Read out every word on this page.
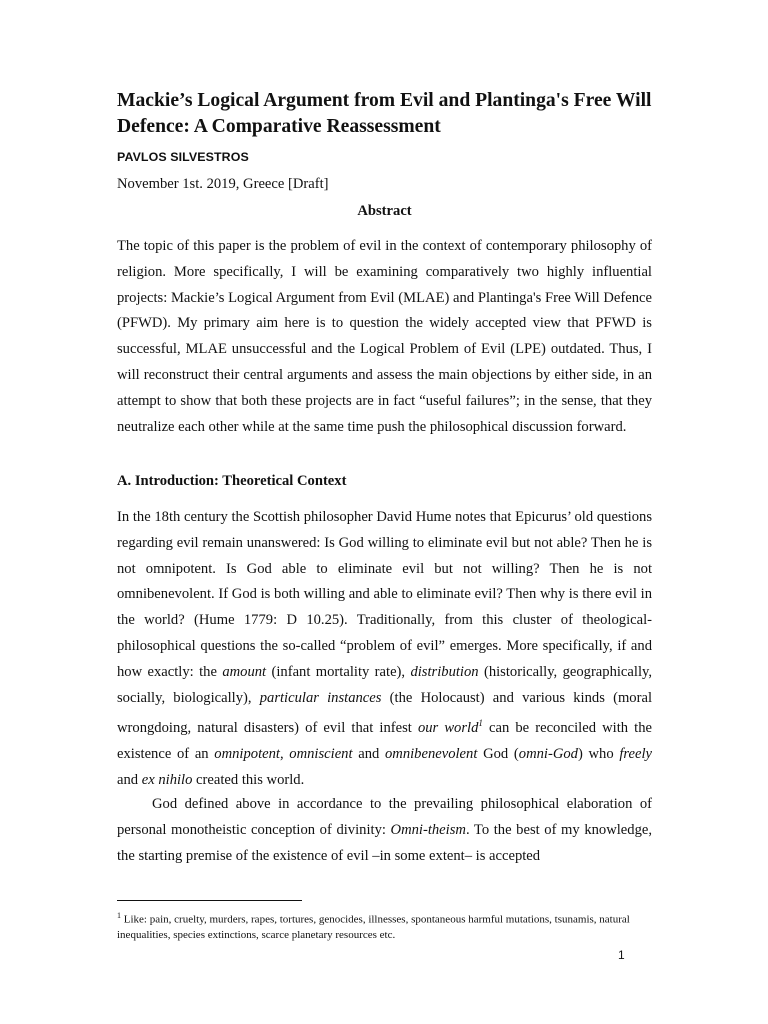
Mackie’s Logical Argument from Evil and Plantinga's Free Will Defence: A Comparative Reassessment
PAVLOS SILVESTROS
November 1st. 2019, Greece [Draft]
Abstract

The topic of this paper is the problem of evil in the context of contemporary philosophy of religion. More specifically, I will be examining comparatively two highly influential projects: Mackie’s Logical Argument from Evil (MLAE) and Plantinga's Free Will Defence (PFWD). My primary aim here is to question the widely accepted view that PFWD is successful, MLAE unsuccessful and the Logical Problem of Evil (LPE) outdated. Thus, I will reconstruct their central arguments and assess the main objections by either side, in an attempt to show that both these projects are in fact “useful failures”; in the sense, that they neutralize each other while at the same time push the philosophical discussion forward.

A. Introduction: Theoretical Context

In the 18th century the Scottish philosopher David Hume notes that Epicurus’ old questions regarding evil remain unanswered: Is God willing to eliminate evil but not able? Then he is not omnipotent. Is God able to eliminate evil but not willing? Then he is not omnibenevolent. If God is both willing and able to eliminate evil? Then why is there evil in the world? (Hume 1779: D 10.25). Traditionally, from this cluster of theological-philosophical questions the so-called “problem of evil” emerges. More specifically, if and how exactly: the amount (infant mortality rate), distribution (historically, geographically, socially, biologically), particular instances (the Holocaust) and various kinds (moral wrongdoing, natural disasters) of evil that infest our world$^1$ can be reconciled with the existence of an omnipotent, omniscient and omnibenevolent God (omni-God) who freely and ex nihilo created this world.

God defined above in accordance to the prevailing philosophical elaboration of personal monotheistic conception of divinity: Omni-theism. To the best of my knowledge, the starting premise of the existence of evil –in some extent– is accepted

$^1$ Like: pain, cruelty, murders, rapes, tortures, genocides, illnesses, spontaneous harmful mutations, tsunamis, natural inequalities, species extinctions, scarce planetary resources etc.

1
